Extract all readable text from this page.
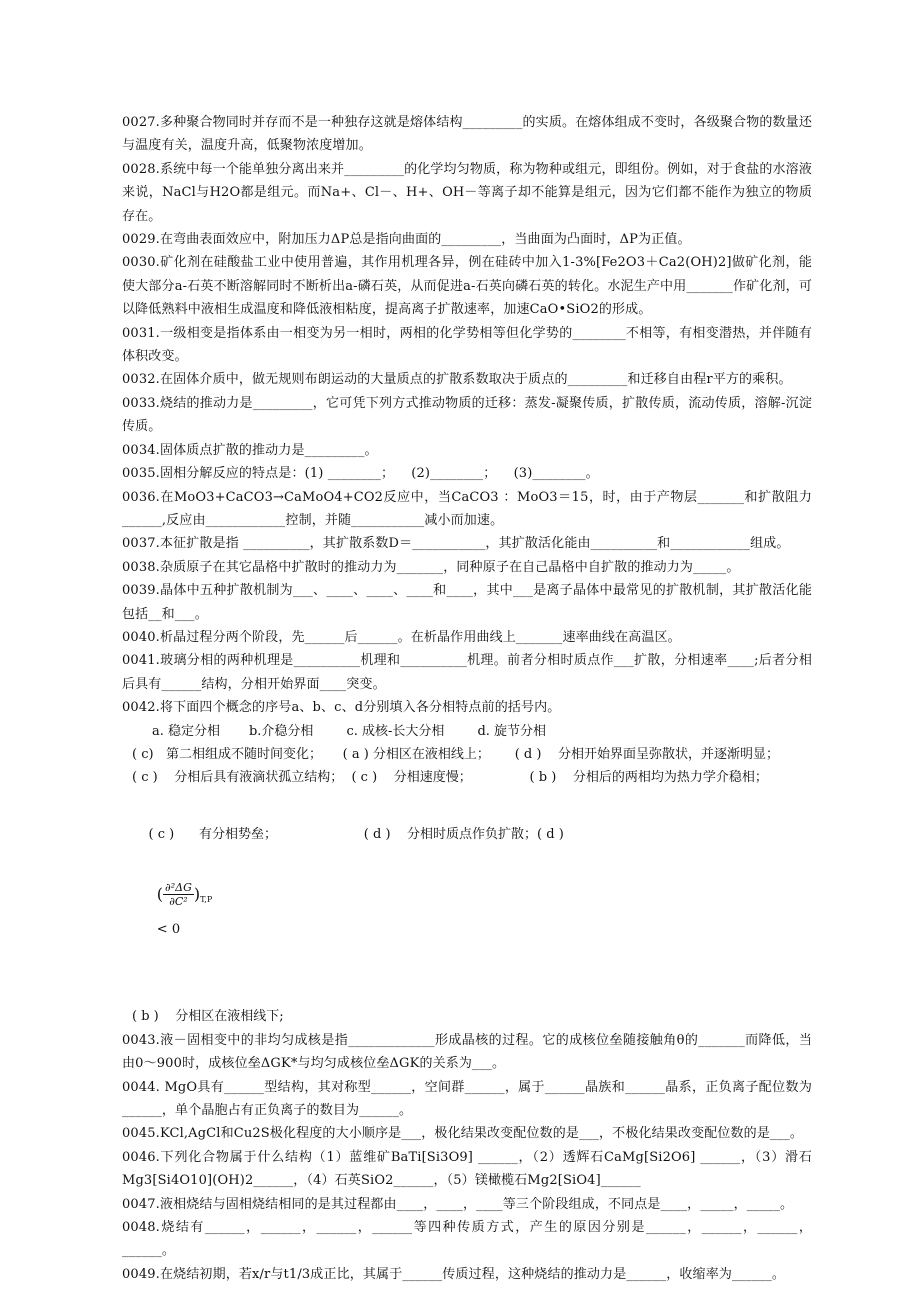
0027.多种聚合物同时并存而不是一种独存这就是熔体结构_________的实质。在熔体组成不变时，各级聚合物的数量还与温度有关，温度升高，低聚物浓度增加。

0028.系统中每一个能单独分离出来并_________的化学均匀物质，称为物种或组元，即组份。例如，对于食盐的水溶液来说，NaCl与H2O都是组元。而Na+、Cl－、H+、OH－等离子却不能算是组元，因为它们都不能作为独立的物质存在。

0029.在弯曲表面效应中，附加压力ΔP总是指向曲面的_________，当曲面为凸面时，ΔP为正值。

0030.矿化剂在硅酸盐工业中使用普遍，其作用机理各异，例在硅砖中加入1-3%[Fe2O3＋Ca2(OH)2]做矿化剂，能使大部分a-石英不断溶解同时不断析出a-磷石英，从而促进a-石英向磷石英的转化。水泥生产中用_______作矿化剂，可以降低熟料中液相生成温度和降低液相粘度，提高离子扩散速率，加速CaO•SiO2的形成。

0031.一级相变是指体系由一相变为另一相时，两相的化学势相等但化学势的________不相等，有相变潜热，并伴随有体积改变。

0032.在固体介质中，做无规则布朗运动的大量质点的扩散系数取决于质点的_________和迁移自由程r平方的乘积。

0033.烧结的推动力是_________，它可凭下列方式推动物质的迁移：蒸发-凝聚传质，扩散传质，流动传质，溶解-沉淀传质。

0034.固体质点扩散的推动力是_________。

0035.固相分解反应的特点是：(1) ________；    (2)________；    (3)________。

0036.在MoO3+CaCO3→CaMoO4+CO2反应中，当CaCO3 ：MoO3＝15，时，由于产物层_______和扩散阻力______,反应由____________控制，并随___________减小而加速。

0037.本征扩散是指 __________，其扩散系数D＝___________，其扩散活化能由__________和____________组成。

0038.杂质原子在其它晶格中扩散时的推动力为_______，同种原子在自己晶格中自扩散的推动力为_____。

0039.晶体中五种扩散机制为___、____、____、____和____，其中___是离子晶体中最常见的扩散机制，其扩散活化能包括__和___。

0040.析晶过程分两个阶段，先______后______。在析晶作用曲线上_______速率曲线在高温区。

0041.玻璃分相的两种机理是__________机理和__________机理。前者分相时质点作___扩散，分相速率____;后者分相后具有______结构，分相开始界面____突变。

0042.将下面四个概念的序号a、b、c、d分别填入各分相特点前的括号内。

a. 稳定分相       b.介稳分相        c. 成核-长大分相        d. 旋节分相
( c)   第二相组成不随时间变化；     ( a ) 分相区在液相线上；      ( d )    分相开始界面呈弥散状，并逐渐明显；
( c )    分相后具有液滴状孤立结构；  ( c )    分相速度慢；              ( b )    分相后的两相均为热力学介稳相；

( c )      有分相势垒；                     ( d )    分相时质点作负扩散；( d )

( $\frac{\text{∂²ΔG}}{\text{∂C²}} )_{T,P}$
< 0

( b )    分相区在液相线下;

0043.液－固相变中的非均匀成核是指_____________形成晶核的过程。它的成核位垒随接触角θ的_______而降低，当由0～900时，成核位垒ΔGK*与均匀成核位垒ΔGK的关系为___。

0044. MgO具有______型结构，其对称型______，空间群______，属于______晶族和______晶系，正负离子配位数为______，单个晶胞占有正负离子的数目为______。

0045.KCl,AgCl和Cu2S极化程度的大小顺序是___，极化结果改变配位数的是___，不极化结果改变配位数的是___。

0046.下列化合物属于什么结构（1）蓝维矿BaTi[Si3O9] ______，（2）透辉石CaMg[Si2O6] ______，（3）滑石Mg3[Si4O10](OH)2______，（4）石英SiO2______，（5）镁橄榄石Mg2[SiO4]______

0047.液相烧结与固相烧结相同的是其过程都由____，____，____等三个阶段组成，不同点是____，_____，_____。

0048.烧结有______，______，______，______等四种传质方式，产生的原因分别是______，______，______，______。

0049.在烧结初期，若x/r与t1/3成正比，其属于______传质过程，这种烧结的推动力是______，收缩率为______。
